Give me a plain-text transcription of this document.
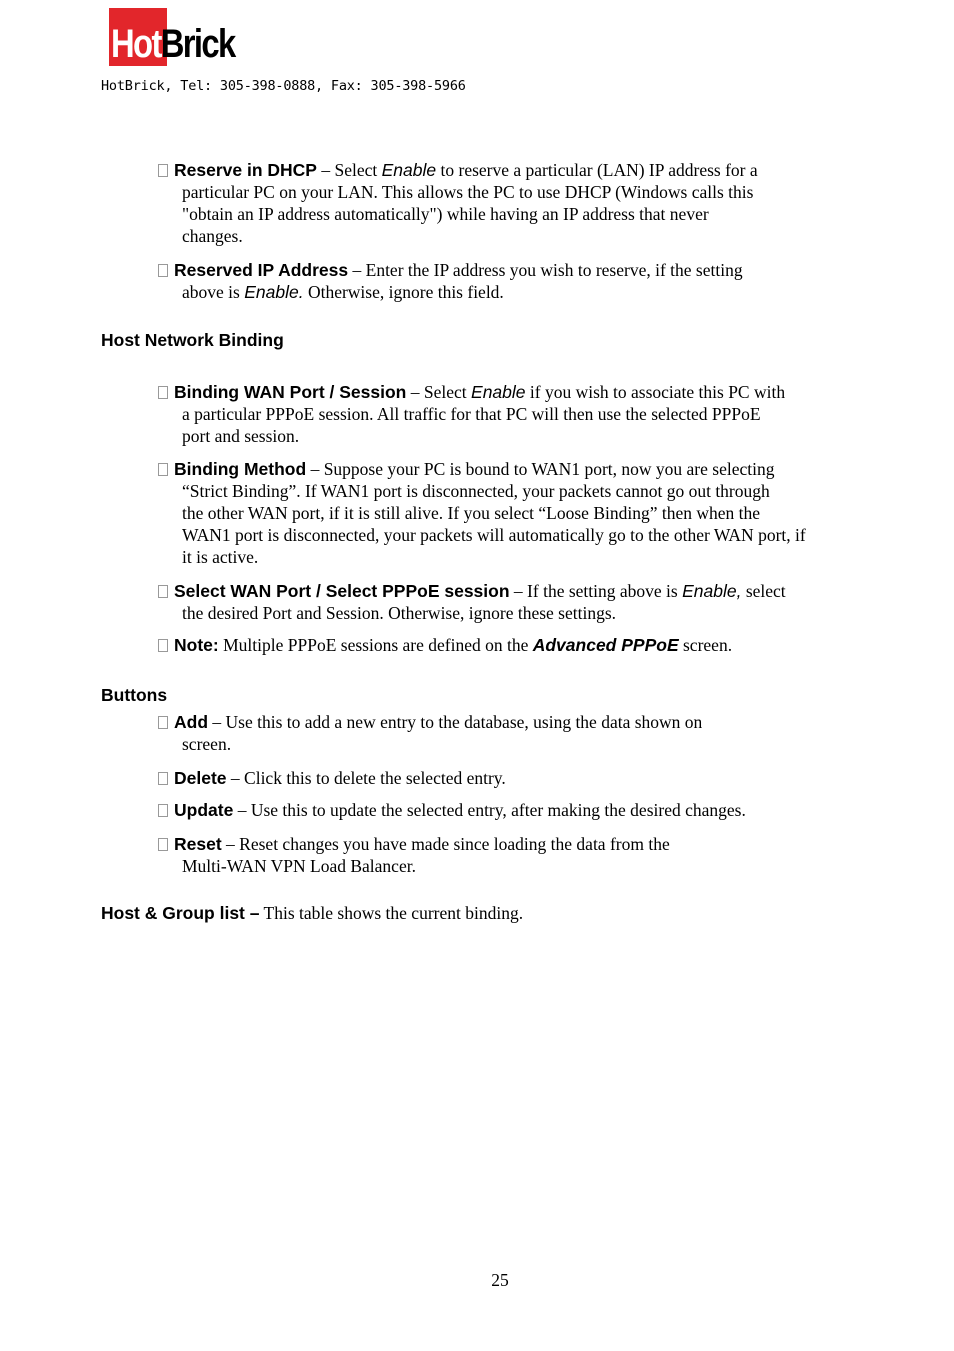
HotBrick
HotBrick, Tel: 305-398-0888, Fax: 305-398-5966
Reserve in DHCP – Select Enable to reserve a particular (LAN) IP address for a
particular PC on your LAN. This allows the PC to use DHCP (Windows calls this
"obtain an IP address automatically") while having an IP address that never
changes.
Reserved IP Address – Enter the IP address you wish to reserve, if the setting
above is Enable. Otherwise, ignore this field.
Host Network Binding
Binding WAN Port / Session – Select Enable if you wish to associate this PC with
a particular PPPoE session. All traffic for that PC will then use the selected PPPoE
port and session.
Binding Method – Suppose your PC is bound to WAN1 port, now you are selecting
“Strict Binding”. If WAN1 port is disconnected, your packets cannot go out through
the other WAN port, if it is still alive. If you select “Loose Binding” then when the
WAN1 port is disconnected, your packets will automatically go to the other WAN port, if
it is active.
Select WAN Port / Select PPPoE session – If the setting above is Enable, select
the desired Port and Session. Otherwise, ignore these settings.
Note: Multiple PPPoE sessions are defined on the Advanced PPPoE screen.
Buttons
Add – Use this to add a new entry to the database, using the data shown on
screen.
Delete – Click this to delete the selected entry.
Update – Use this to update the selected entry, after making the desired changes.
Reset – Reset changes you have made since loading the data from the
Multi-WAN VPN Load Balancer.
Host & Group list – This table shows the current binding.
25
